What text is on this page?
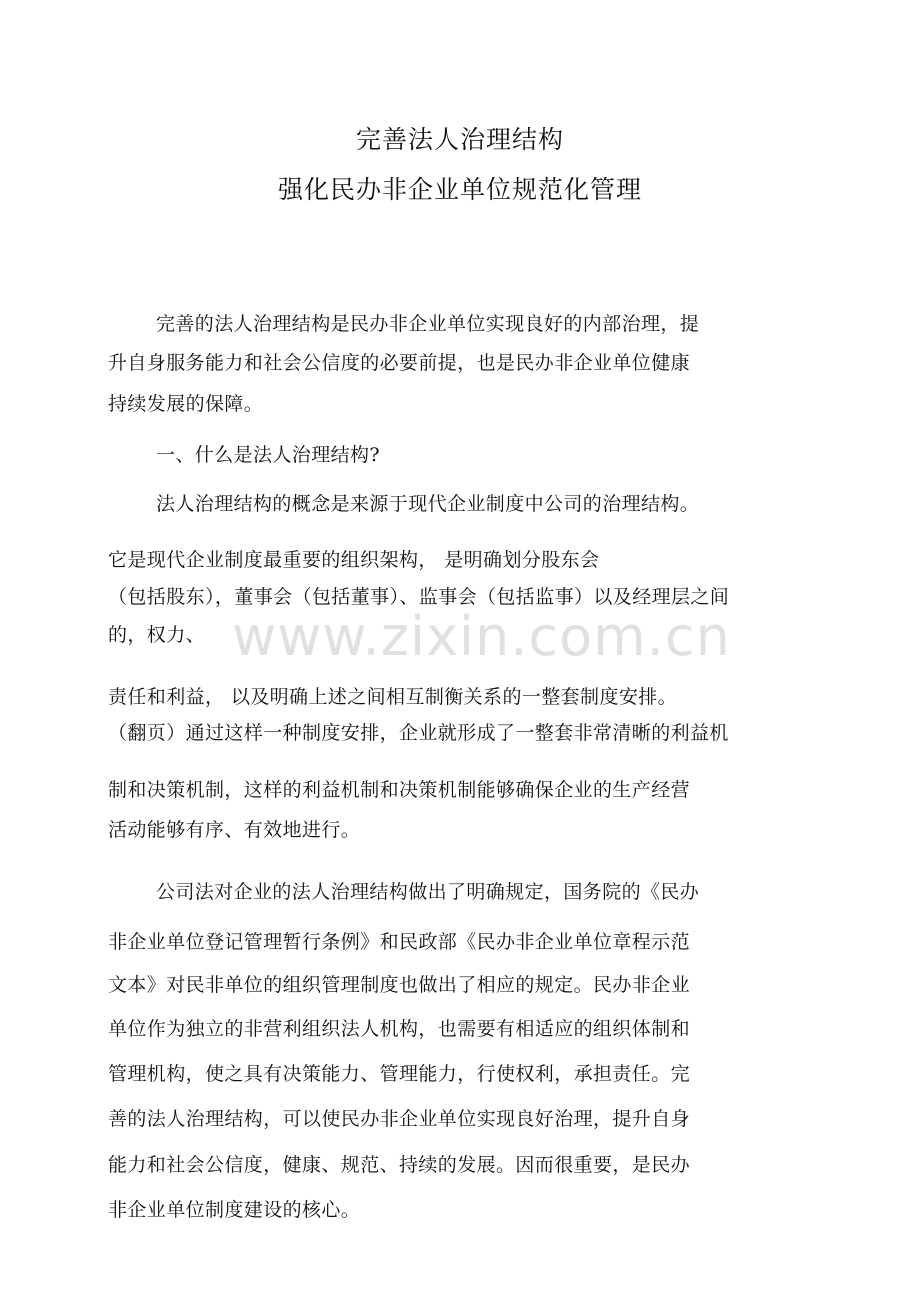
完善法人治理结构
强化民办非企业单位规范化管理
www.zixin.com.cn
完善的法人治理结构是民办非企业单位实现良好的内部治理，提
升自身服务能力和社会公信度的必要前提，也是民办非企业单位健康
持续发展的保障。
一、什么是法人治理结构?
法人治理结构的概念是来源于现代企业制度中公司的治理结构。
它是现代企业制度最重要的组织架构， 是明确划分股东会
（包括股东），董事会（包括董事）、监事会（包括监事）以及经理层之间
的，权力、
责任和利益， 以及明确上述之间相互制衡关系的一整套制度安排。
（翻页）通过这样一种制度安排，企业就形成了一整套非常清晰的利益机
制和决策机制，这样的利益机制和决策机制能够确保企业的生产经营
活动能够有序、有效地进行。
公司法对企业的法人治理结构做出了明确规定，国务院的《民办
非企业单位登记管理暂行条例》和民政部《民办非企业单位章程示范
文本》对民非单位的组织管理制度也做出了相应的规定。民办非企业
单位作为独立的非营利组织法人机构，也需要有相适应的组织体制和
管理机构，使之具有决策能力、管理能力，行使权利，承担责任。完
善的法人治理结构，可以使民办非企业单位实现良好治理，提升自身
能力和社会公信度，健康、规范、持续的发展。因而很重要，是民办
非企业单位制度建设的核心。
